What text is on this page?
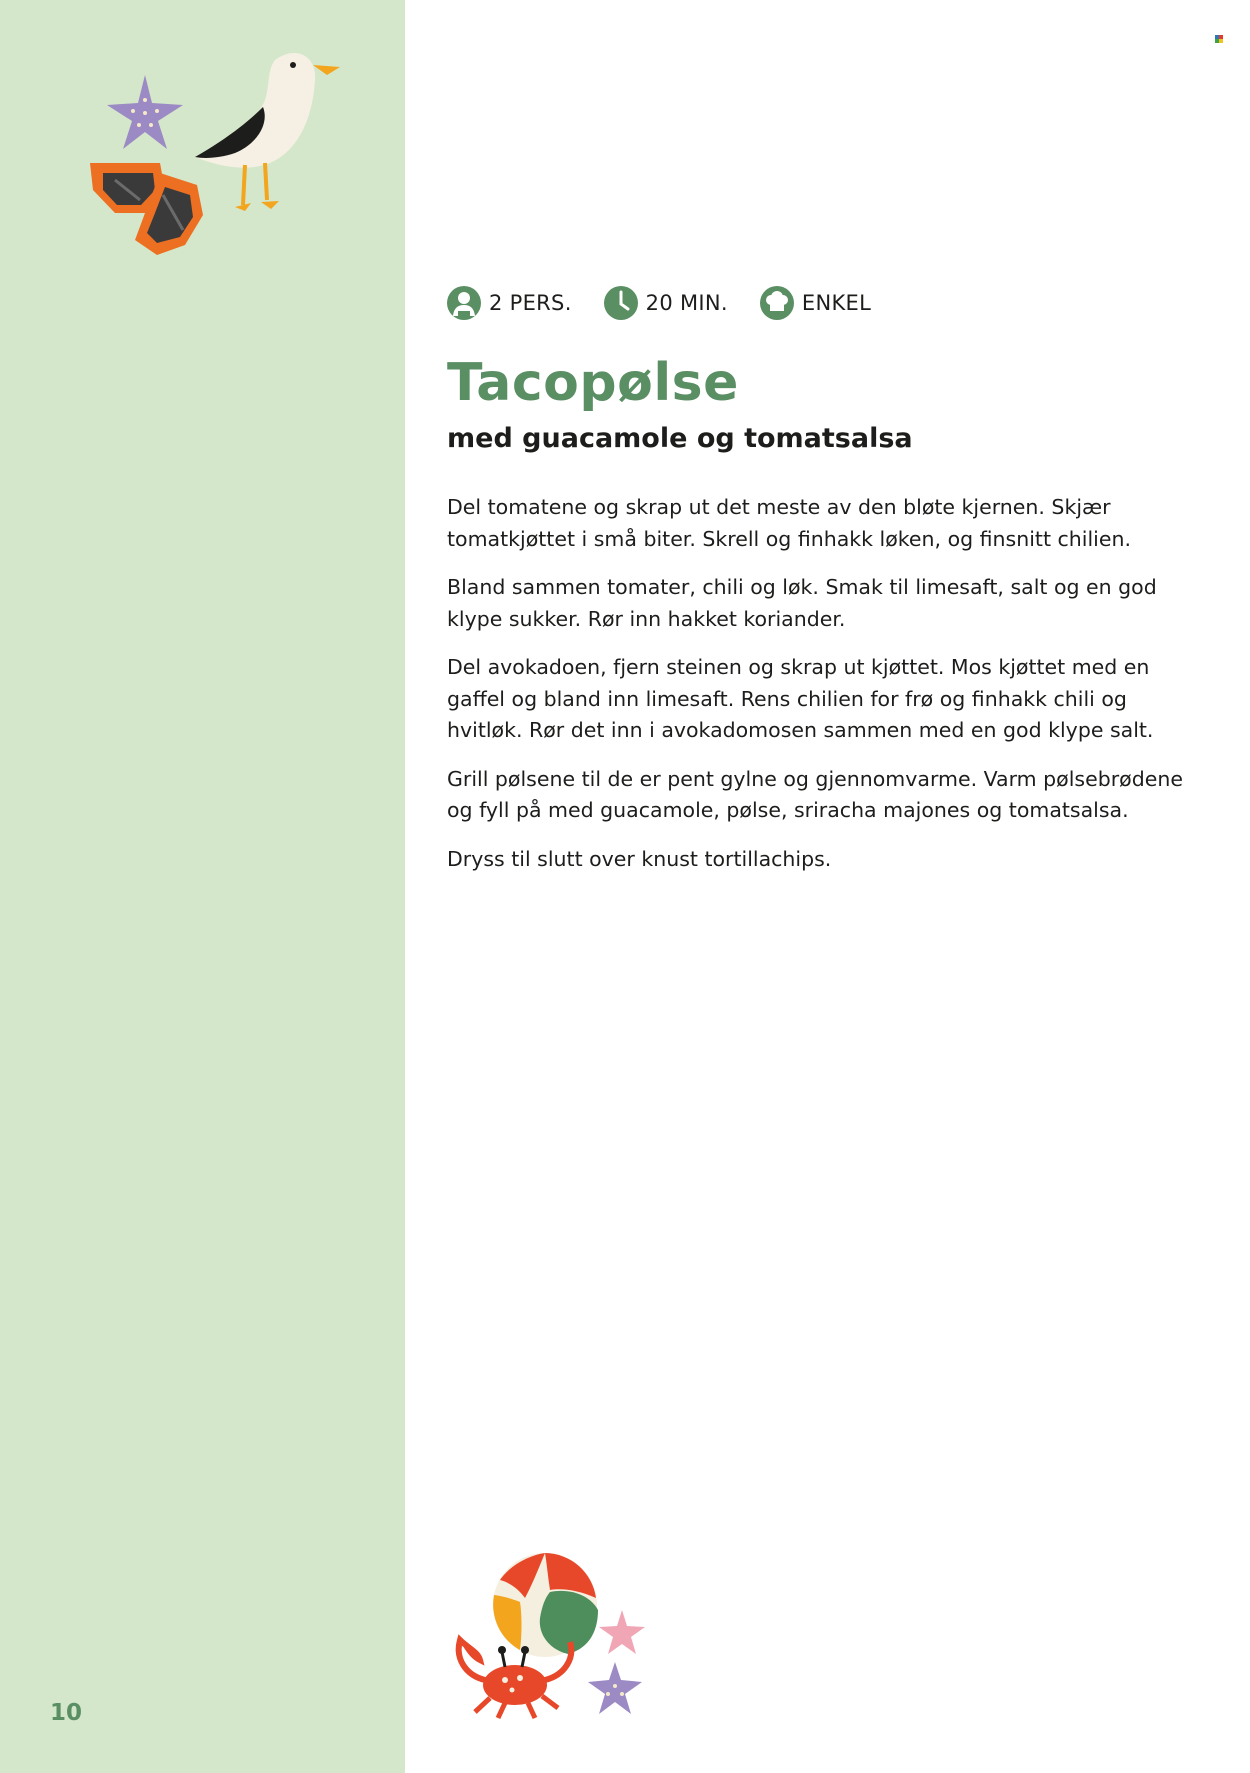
10
2 PERS.	20 MIN.	ENKEL
Tacopølse
med guacamole og tomatsalsa

Del tomatene og skrap ut det meste av den bløte kjernen. Skjær tomatkjøttet i små biter. Skrell og finhakk løken, og finsnitt chilien.

Bland sammen tomater, chili og løk. Smak til limesaft, salt og en god klype sukker. Rør inn hakket koriander.

Del avokadoen, fjern steinen og skrap ut kjøttet. Mos kjøttet med en gaffel og bland inn limesaft. Rens chilien for frø og finhakk chili og hvitløk. Rør det inn i avokadomosen sammen med en god klype salt.

Grill pølsene til de er pent gylne og gjennomvarme. Varm pølsebrødene og fyll på med guacamole, pølse, sriracha majones og tomatsalsa.

Dryss til slutt over knust tortillachips.
